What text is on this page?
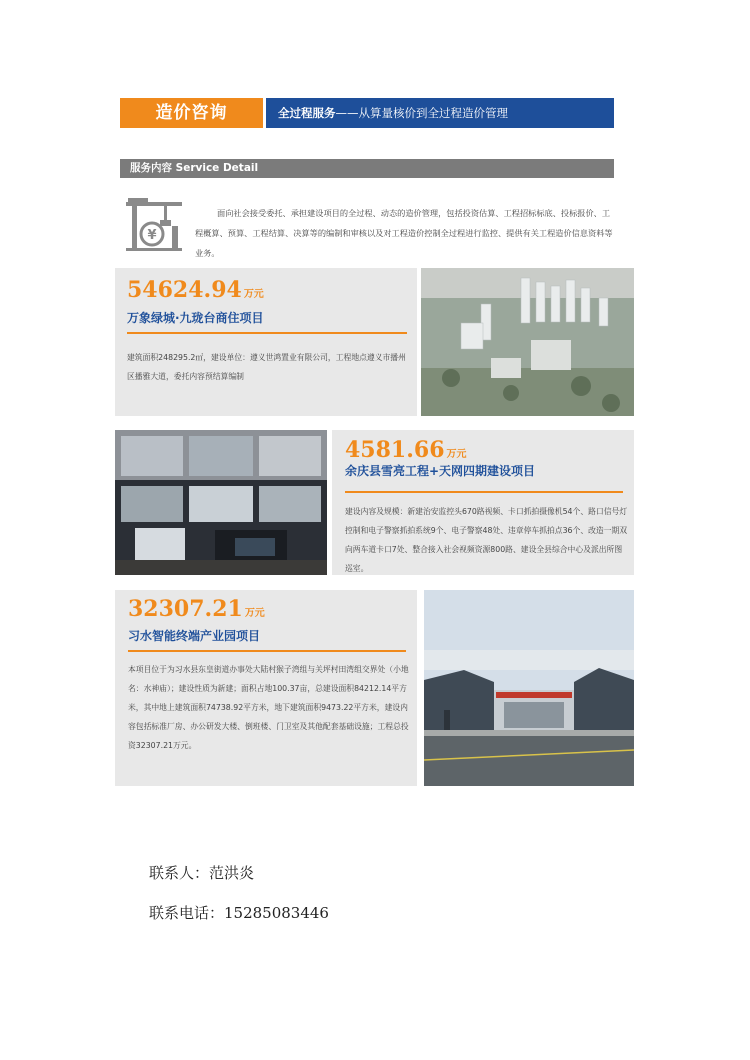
造价咨询	全过程服务——从算量核价到全过程造价管理
服务内容 Service Detail
¥
面向社会接受委托、承担建设项目的全过程、动态的造价管理，包括投资估算、工程招标标底、投标报价、工程概算、预算、工程结算、决算等的编制和审核以及对工程造价控制全过程进行监控、提供有关工程造价信息资料等业务。
54624.94 万元
万象绿城·九珑台商住项目
建筑面积248295.2㎡，建设单位：遵义世鸿置业有限公司，工程地点遵义市播州区播雅大道，委托内容预结算编制
4581.66 万元
余庆县雪亮工程+天网四期建设项目
建设内容及规模：新建治安监控头670路视频、卡口抓拍摄像机54个、路口信号灯控制和电子警察抓拍系统9个、电子警察48处、违章停车抓拍点36个、改造一期双向两车道卡口7处、整合接入社会视频资源800路、建设全县综合中心及派出所图巡室。
32307.21 万元
习水智能终端产业园项目
本项目位于为习水县东皇街道办事处大陆村猴子湾组与关坪村田湾组交界处（小地名：水神庙）；建设性质为新建；面积占地100.37亩，总建设面积84212.14平方米，其中地上建筑面积74738.92平方米，地下建筑面积9473.22平方米，建设内容包括标准厂房、办公研发大楼、倒班楼、门卫室及其他配套基础设施；工程总投资32307.21万元。
联系人：范洪炎
联系电话：15285083446
